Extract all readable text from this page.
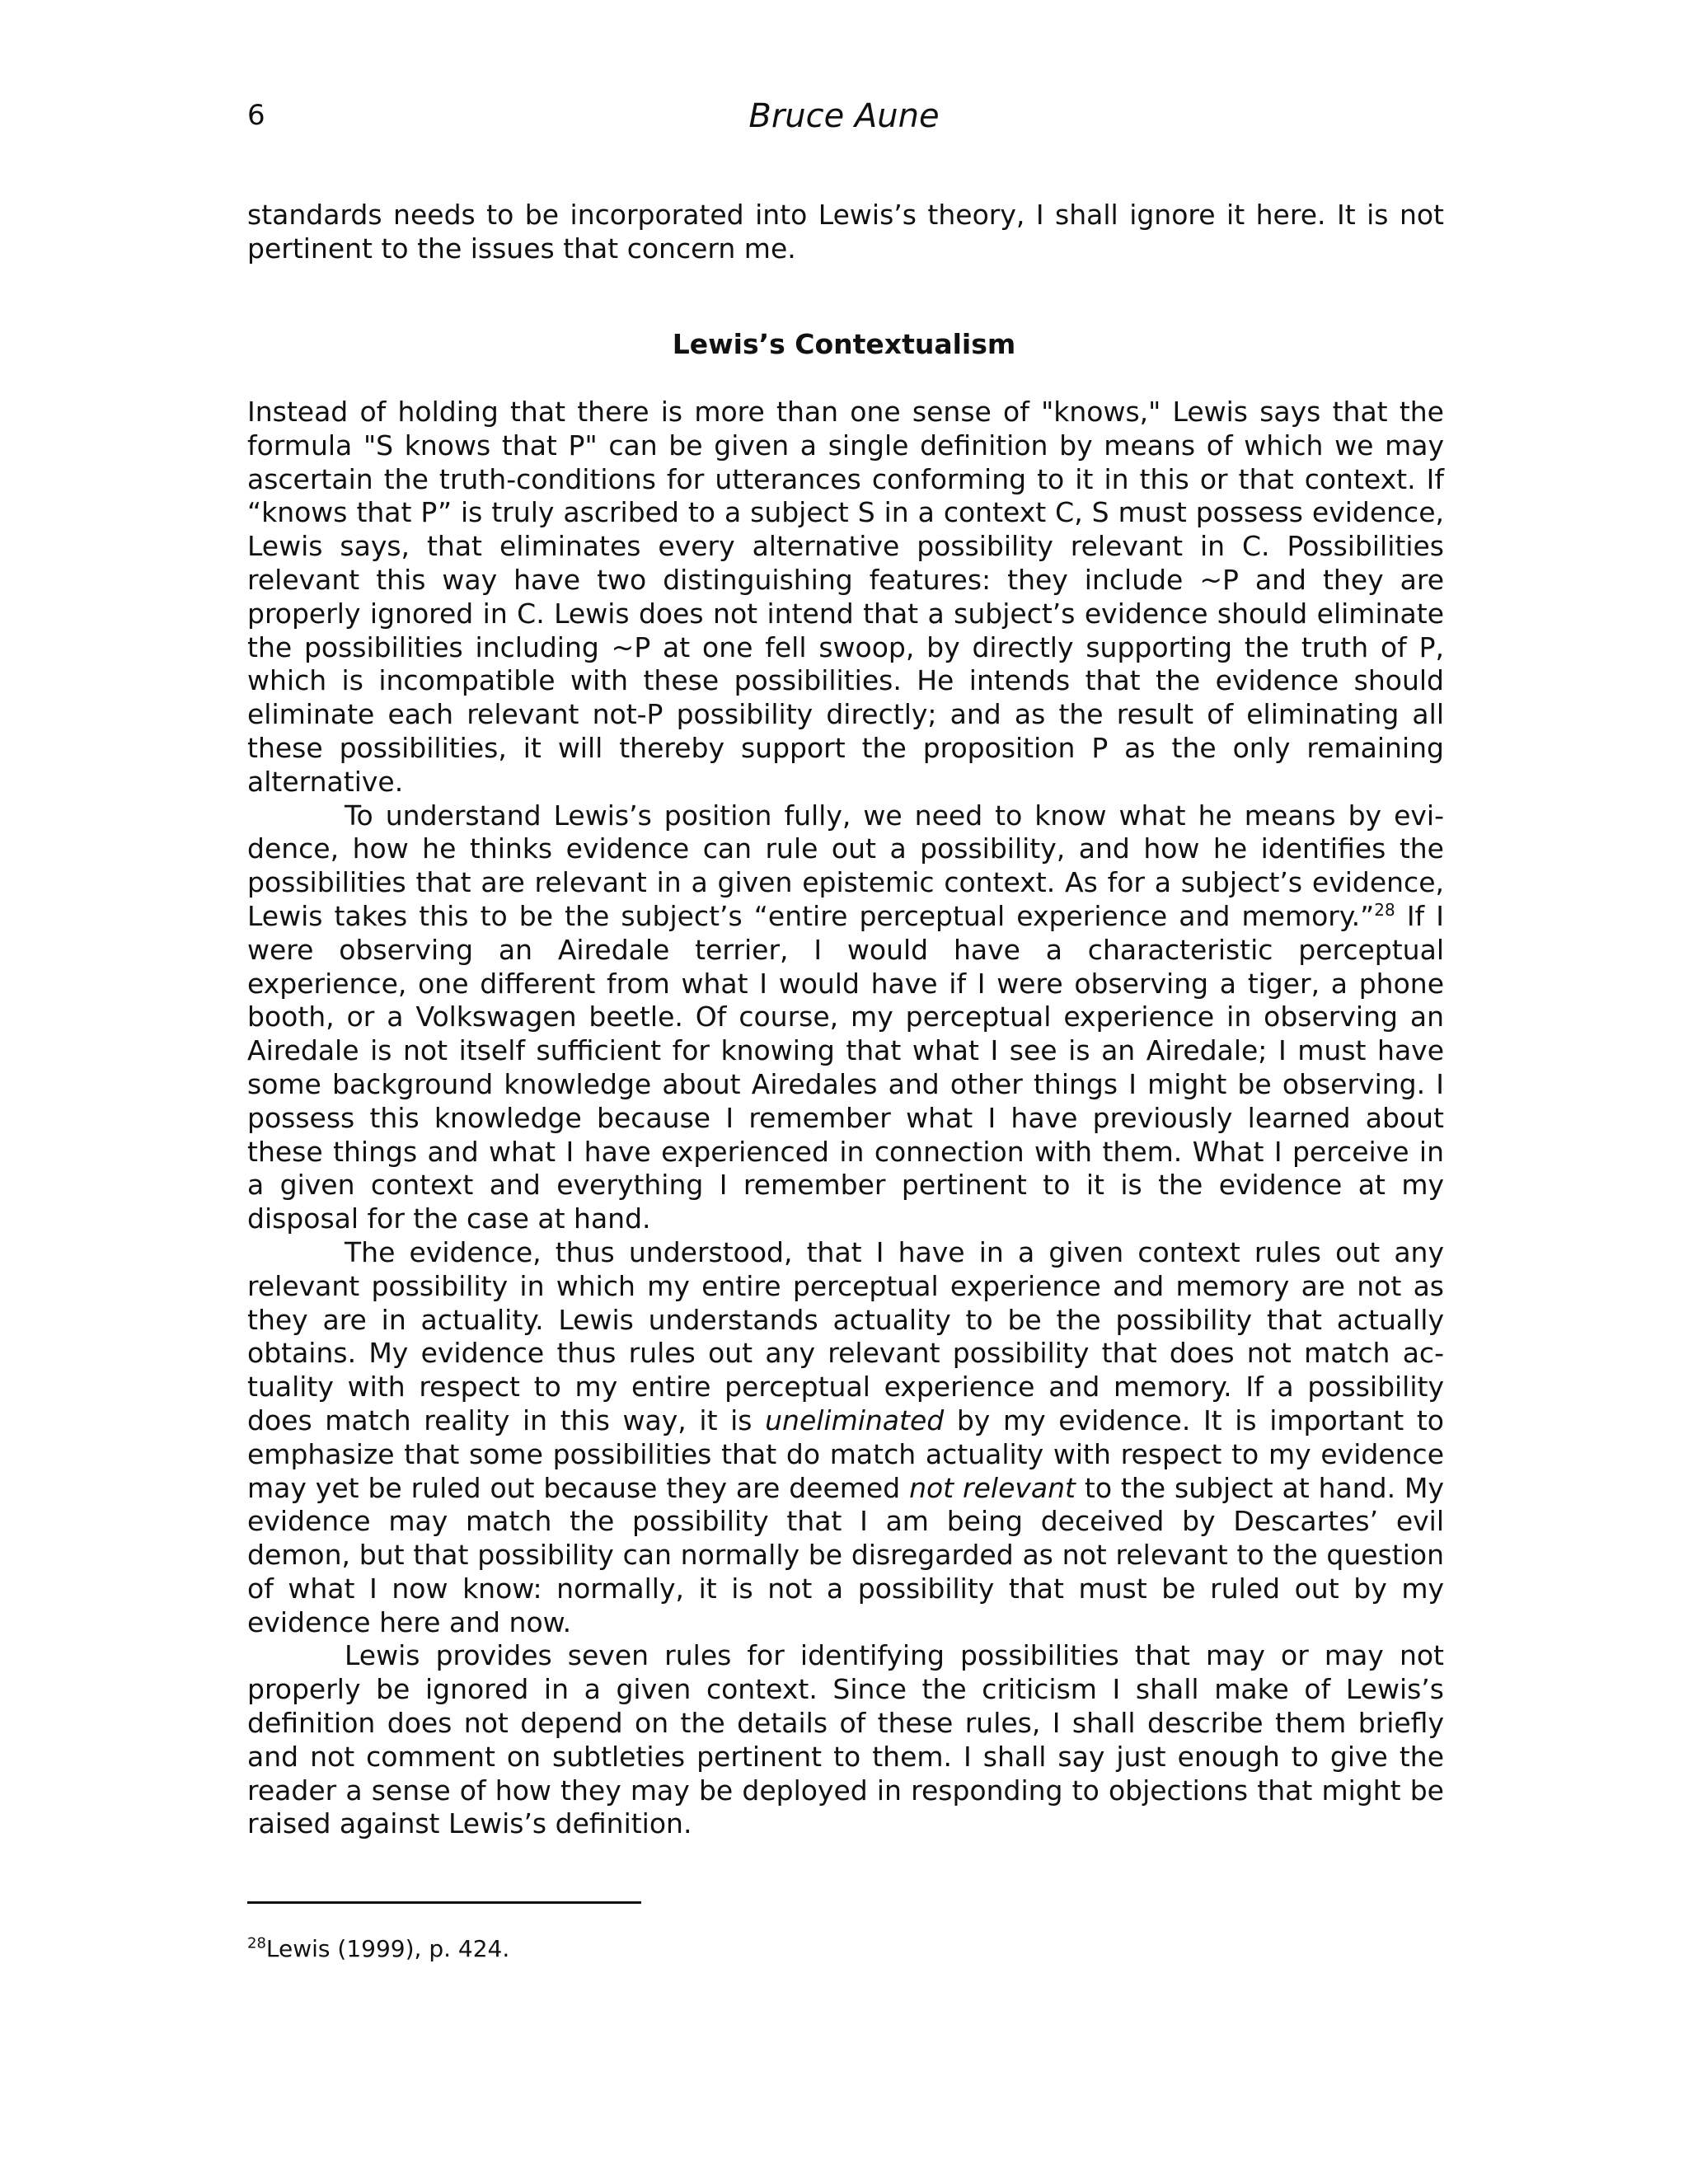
6	Bruce Aune

standards needs to be incorporated into Lewis’s theory, I shall ignore it here. It is not pertinent to the issues that concern me.

Lewis’s Contextualism

Instead of holding that there is more than one sense of "knows," Lewis says that the formula "S knows that P" can be given a single definition by means of which we may ascertain the truth-conditions for utterances conforming to it in this or that context. If “knows that P” is truly ascribed to a subject S in a context C, S must possess evidence, Lewis says, that eliminates every alternative possibility relevant in C. Possibilities relevant this way have two distinguishing features: they include ~P and they are properly ignored in C. Lewis does not intend that a subject’s evidence should eliminate the possibilities including ~P at one fell swoop, by directly supporting the truth of P, which is incompatible with these possibilities. He intends that the evidence should eliminate each relevant not-P possibility directly; and as the result of eliminating all these possibilities, it will thereby support the proposition P as the only remaining alternative.

To understand Lewis’s position fully, we need to know what he means by evidence, how he thinks evidence can rule out a possibility, and how he identifies the possibilities that are relevant in a given epistemic context. As for a subject’s evidence, Lewis takes this to be the subject’s “entire perceptual experience and memory.”$^{28}$ If I were observing an Airedale terrier, I would have a characteristic perceptual experience, one different from what I would have if I were observing a tiger, a phone booth, or a Volkswagen beetle. Of course, my perceptual experience in observing an Airedale is not itself sufficient for knowing that what I see is an Airedale; I must have some background knowledge about Airedales and other things I might be observing. I possess this knowledge because I remember what I have previously learned about these things and what I have experienced in connection with them. What I perceive in a given context and everything I remember pertinent to it is the evidence at my disposal for the case at hand.

The evidence, thus understood, that I have in a given context rules out any relevant possibility in which my entire perceptual experience and memory are not as they are in actuality. Lewis understands actuality to be the possibility that actually obtains. My evidence thus rules out any relevant possibility that does not match actuality with respect to my entire perceptual experience and memory. If a possibility does match reality in this way, it is uneliminated by my evidence. It is important to emphasize that some possibilities that do match actuality with respect to my evidence may yet be ruled out because they are deemed not relevant to the subject at hand. My evidence may match the possibility that I am being deceived by Descartes’ evil demon, but that possibility can normally be disregarded as not relevant to the question of what I now know: normally, it is not a possibility that must be ruled out by my evidence here and now.

Lewis provides seven rules for identifying possibilities that may or may not properly be ignored in a given context. Since the criticism I shall make of Lewis’s definition does not depend on the details of these rules, I shall describe them briefly and not comment on subtleties pertinent to them. I shall say just enough to give the reader a sense of how they may be deployed in responding to objections that might be raised against Lewis’s definition.

$^{28}$Lewis (1999), p. 424.
